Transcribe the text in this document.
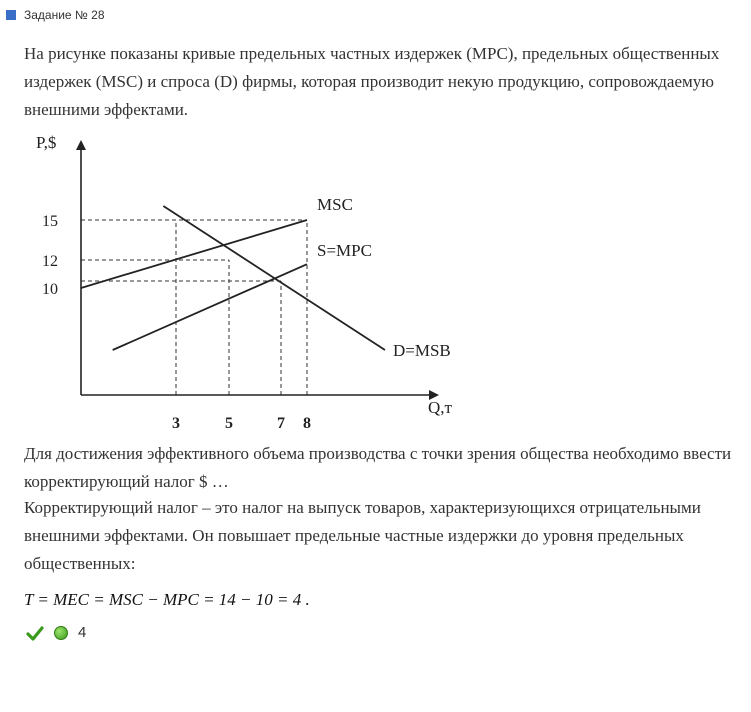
Задание № 28

На рисунке показаны кривые предельных частных издержек (MPC), предельных общественных издержек (MSC) и спроса (D) фирмы, которая производит некую продукцию, сопровождаемую внешними эффектами.

P,$
Q,т
15
12
10
3	5	7 8
MSC
S=MPC
D=MSB

Для достижения эффективного объема производства с точки зрения общества необходимо ввести корректирующий налог $ …

Корректирующий налог – это налог на выпуск товаров, характеризующихся отрицательными внешними эффектами. Он повышает предельные частные издержки до уровня предельных общественных:

T = MEC = MSC − MPC = 14 − 10 = 4 .
4
